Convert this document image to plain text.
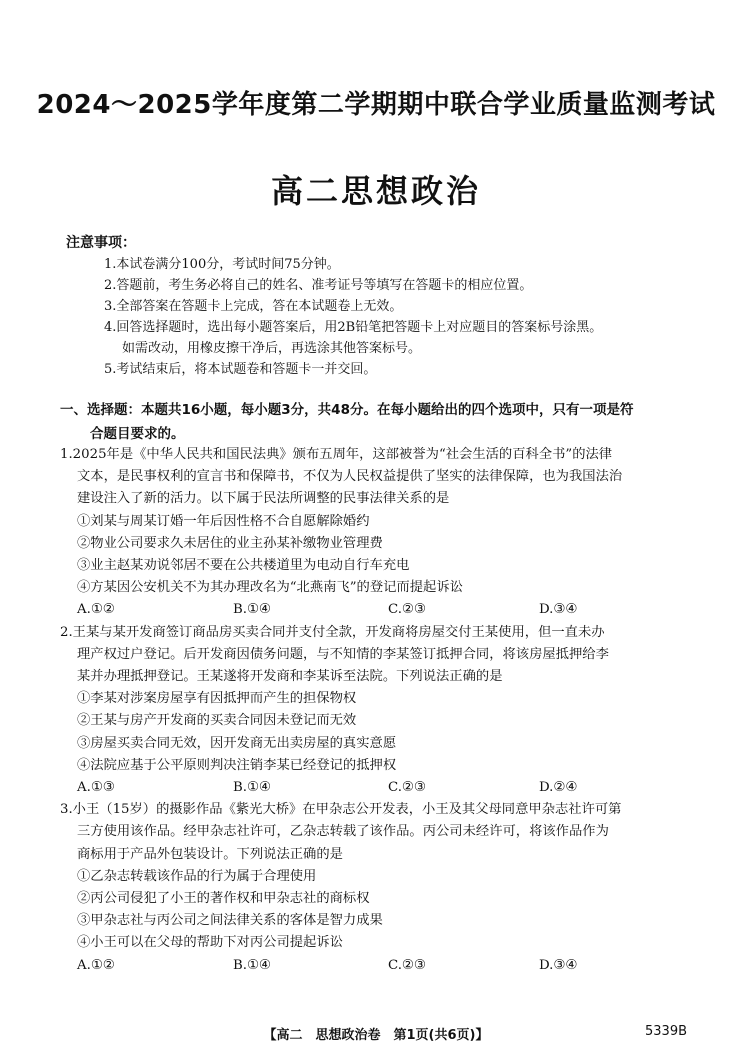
2024～2025学年度第二学期期中联合学业质量监测考试
高二思想政治
注意事项：
1.本试卷满分100分，考试时间75分钟。
2.答题前，考生务必将自己的姓名、准考证号等填写在答题卡的相应位置。
3.全部答案在答题卡上完成，答在本试题卷上无效。
4.回答选择题时，选出每小题答案后，用2B铅笔把答题卡上对应题目的答案标号涂黑。
如需改动，用橡皮擦干净后，再选涂其他答案标号。
5.考试结束后，将本试题卷和答题卡一并交回。
一、选择题：本题共16小题，每小题3分，共48分。在每小题给出的四个选项中，只有一项是符
合题目要求的。
1.2025年是《中华人民共和国民法典》颁布五周年，这部被誉为“社会生活的百科全书”的法律
文本，是民事权利的宣言书和保障书，不仅为人民权益提供了坚实的法律保障，也为我国法治
建设注入了新的活力。以下属于民法所调整的民事法律关系的是
①刘某与周某订婚一年后因性格不合自愿解除婚约
②物业公司要求久未居住的业主孙某补缴物业管理费
③业主赵某劝说邻居不要在公共楼道里为电动自行车充电
④方某因公安机关不为其办理改名为“北燕南飞”的登记而提起诉讼
A.①②	B.①④	C.②③	D.③④
2.王某与某开发商签订商品房买卖合同并支付全款，开发商将房屋交付王某使用，但一直未办
理产权过户登记。后开发商因债务问题，与不知情的李某签订抵押合同，将该房屋抵押给李
某并办理抵押登记。王某遂将开发商和李某诉至法院。下列说法正确的是
①李某对涉案房屋享有因抵押而产生的担保物权
②王某与房产开发商的买卖合同因未登记而无效
③房屋买卖合同无效，因开发商无出卖房屋的真实意愿
④法院应基于公平原则判决注销李某已经登记的抵押权
A.①③	B.①④	C.②③	D.②④
3.小王（15岁）的摄影作品《紫光大桥》在甲杂志公开发表，小王及其父母同意甲杂志社许可第
三方使用该作品。经甲杂志社许可，乙杂志转载了该作品。丙公司未经许可，将该作品作为
商标用于产品外包装设计。下列说法正确的是
①乙杂志转载该作品的行为属于合理使用
②丙公司侵犯了小王的著作权和甲杂志社的商标权
③甲杂志社与丙公司之间法律关系的客体是智力成果
④小王可以在父母的帮助下对丙公司提起诉讼
A.①②	B.①④	C.②③	D.③④
【高二　思想政治卷　第1页(共6页)】	5339B
